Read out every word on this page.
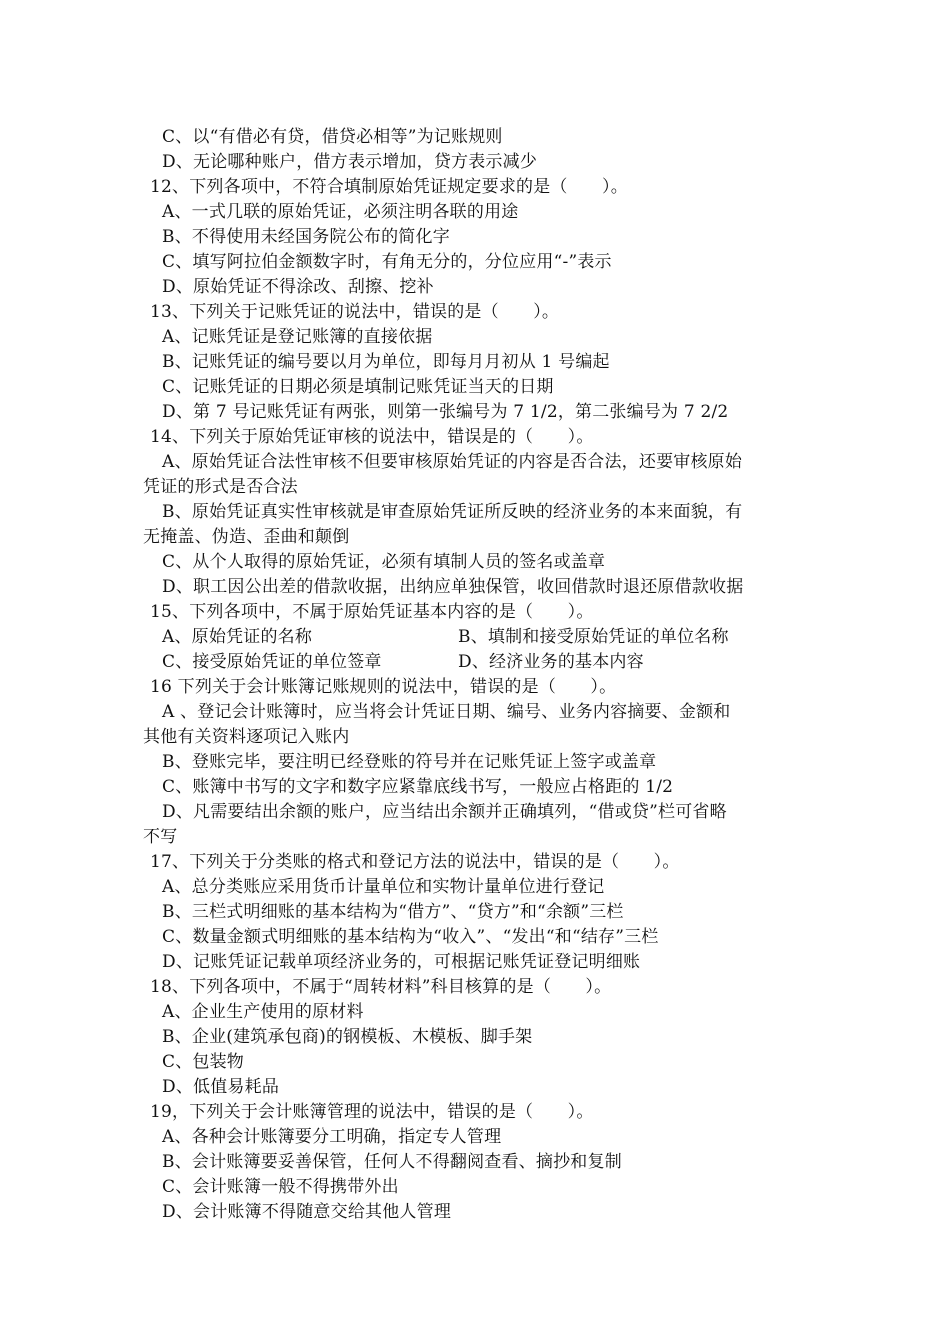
C、以“有借必有贷，借贷必相等”为记账规则
D、无论哪种账户，借方表示增加，贷方表示减少
12、下列各项中，不符合填制原始凭证规定要求的是（　　）。
A、一式几联的原始凭证，必须注明各联的用途
B、不得使用未经国务院公布的简化字
C、填写阿拉伯金额数字时，有角无分的，分位应用“-”表示
D、原始凭证不得涂改、刮擦、挖补
13、下列关于记账凭证的说法中，错误的是（　　）。
A、记账凭证是登记账簿的直接依据
B、记账凭证的编号要以月为单位，即每月月初从 1 号编起
C、记账凭证的日期必须是填制记账凭证当天的日期
D、第 7 号记账凭证有两张，则第一张编号为 7 1/2，第二张编号为 7 2/2
14、下列关于原始凭证审核的说法中，错误是的（　　）。
A、原始凭证合法性审核不但要审核原始凭证的内容是否合法，还要审核原始
凭证的形式是否合法
B、原始凭证真实性审核就是审查原始凭证所反映的经济业务的本来面貌，有
无掩盖、伪造、歪曲和颠倒
C、从个人取得的原始凭证，必须有填制人员的签名或盖章
D、职工因公出差的借款收据，出纳应单独保管，收回借款时退还原借款收据
15、下列各项中，不属于原始凭证基本内容的是（　　）。
A、原始凭证的名称	B、填制和接受原始凭证的单位名称
C、接受原始凭证的单位签章	D、经济业务的基本内容
16 下列关于会计账簿记账规则的说法中，错误的是（　　）。
A 、登记会计账簿时，应当将会计凭证日期、编号、业务内容摘要、金额和
其他有关资料逐项记入账内
B、登账完毕，要注明已经登账的符号并在记账凭证上签字或盖章
C、账簿中书写的文字和数字应紧靠底线书写，一般应占格距的 1/2
D、凡需要结出余额的账户，应当结出余额并正确填列，“借或贷”栏可省略
不写
17、下列关于分类账的格式和登记方法的说法中，错误的是（　　）。
A、总分类账应采用货币计量单位和实物计量单位进行登记
B、三栏式明细账的基本结构为“借方”、“贷方”和“余额”三栏
C、数量金额式明细账的基本结构为“收入”、“发出“和“结存”三栏
D、记账凭证记载单项经济业务的，可根据记账凭证登记明细账
18、下列各项中，不属于“周转材料”科目核算的是（　　）。
A、企业生产使用的原材料
B、企业(建筑承包商)的钢模板、木模板、脚手架
C、包装物
D、低值易耗品
19，下列关于会计账簿管理的说法中，错误的是（　　）。
A、各种会计账簿要分工明确，指定专人管理
B、会计账簿要妥善保管，任何人不得翻阅查看、摘抄和复制
C、会计账簿一般不得携带外出
D、会计账簿不得随意交给其他人管理
